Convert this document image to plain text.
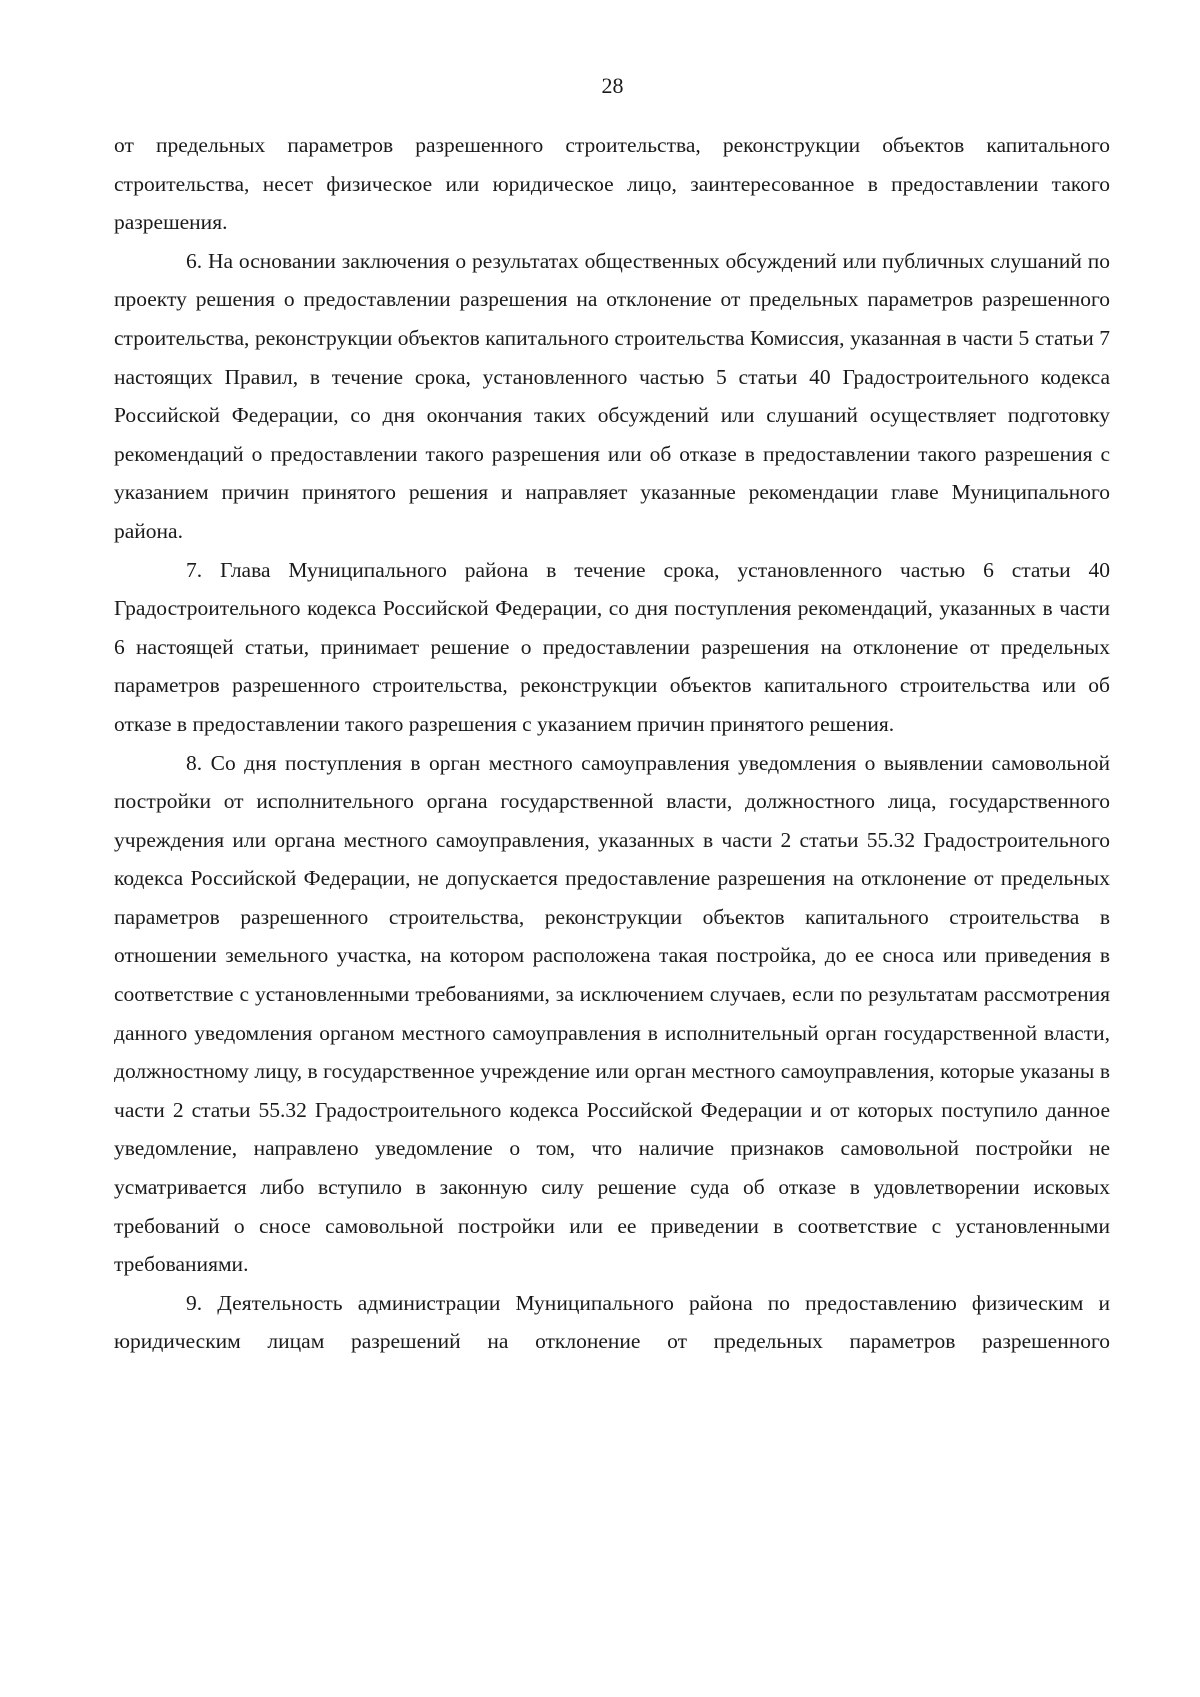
28

от предельных параметров разрешенного строительства, реконструкции объектов капитального строительства, несет физическое или юридическое лицо, заинтересованное в предоставлении такого разрешения.

6. На основании заключения о результатах общественных обсуждений или публичных слушаний по проекту решения о предоставлении разрешения на отклонение от предельных параметров разрешенного строительства, реконструкции объектов капитального строительства Комиссия, указанная в части 5 статьи 7 настоящих Правил, в течение срока, установленного частью 5 статьи 40 Градостроительного кодекса Российской Федерации, со дня окончания таких обсуждений или слушаний осуществляет подготовку рекомендаций о предоставлении такого разрешения или об отказе в предоставлении такого разрешения с указанием причин принятого решения и направляет указанные рекомендации главе Муниципального района.

7. Глава Муниципального района в течение срока, установленного частью 6 статьи 40 Градостроительного кодекса Российской Федерации, со дня поступления рекомендаций, указанных в части 6 настоящей статьи, принимает решение о предоставлении разрешения на отклонение от предельных параметров разрешенного строительства, реконструкции объектов капитального строительства или об отказе в предоставлении такого разрешения с указанием причин принятого решения.

8. Со дня поступления в орган местного самоуправления уведомления о выявлении самовольной постройки от исполнительного органа государственной власти, должностного лица, государственного учреждения или органа местного самоуправления, указанных в части 2 статьи 55.32 Градостроительного кодекса Российской Федерации, не допускается предоставление разрешения на отклонение от предельных параметров разрешенного строительства, реконструкции объектов капитального строительства в отношении земельного участка, на котором расположена такая постройка, до ее сноса или приведения в соответствие с установленными требованиями, за исключением случаев, если по результатам рассмотрения данного уведомления органом местного самоуправления в исполнительный орган государственной власти, должностному лицу, в государственное учреждение или орган местного самоуправления, которые указаны в части 2 статьи 55.32 Градостроительного кодекса Российской Федерации и от которых поступило данное уведомление, направлено уведомление о том, что наличие признаков самовольной постройки не усматривается либо вступило в законную силу решение суда об отказе в удовлетворении исковых требований о сносе самовольной постройки или ее приведении в соответствие с установленными требованиями.

9. Деятельность администрации Муниципального района по предоставлению физическим и юридическим лицам разрешений на отклонение от предельных параметров разрешенного
